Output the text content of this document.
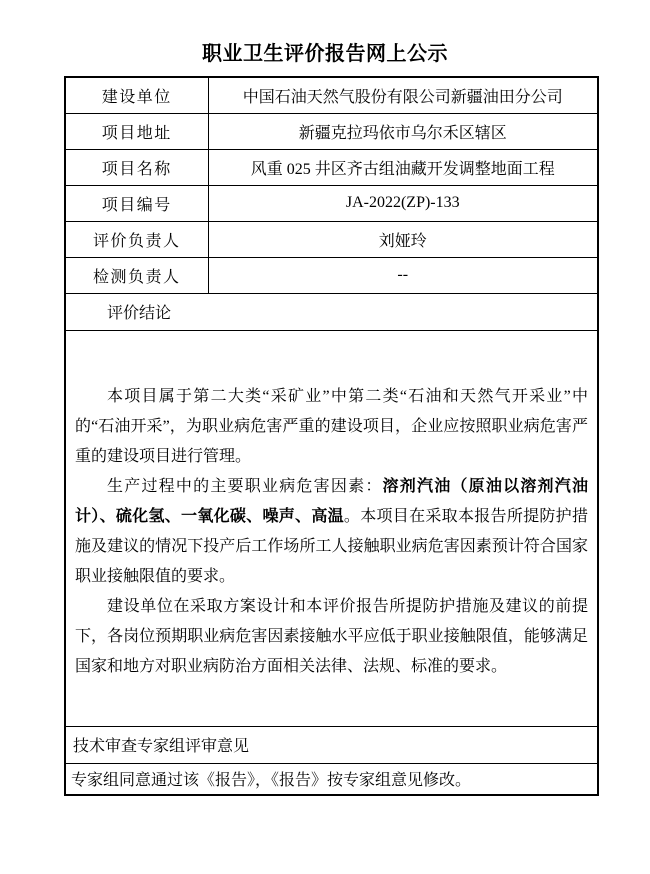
职业卫生评价报告网上公示
建设单位	中国石油天然气股份有限公司新疆油田分公司
项目地址	新疆克拉玛依市乌尔禾区辖区
项目名称	风重 025 井区齐古组油藏开发调整地面工程
项目编号	JA-2022(ZP)-133
评价负责人	刘娅玲
检测负责人	--
评价结论	

本项目属于第二大类“采矿业”中第二类“石油和天然气开采业”中的“石油开采”，为职业病危害严重的建设项目，企业应按照职业病危害严重的建设项目进行管理。

生产过程中的主要职业病危害因素：溶剂汽油（原油以溶剂汽油计）、硫化氢、一氧化碳、噪声、高温。本项目在采取本报告所提防护措施及建议的情况下投产后工作场所工人接触职业病危害因素预计符合国家职业接触限值的要求。

建设单位在采取方案设计和本评价报告所提防护措施及建议的前提下，各岗位预期职业病危害因素接触水平应低于职业接触限值，能够满足国家和地方对职业病防治方面相关法律、法规、标准的要求。	

技术审查专家组评审意见	
专家组同意通过该《报告》，《报告》按专家组意见修改。	
